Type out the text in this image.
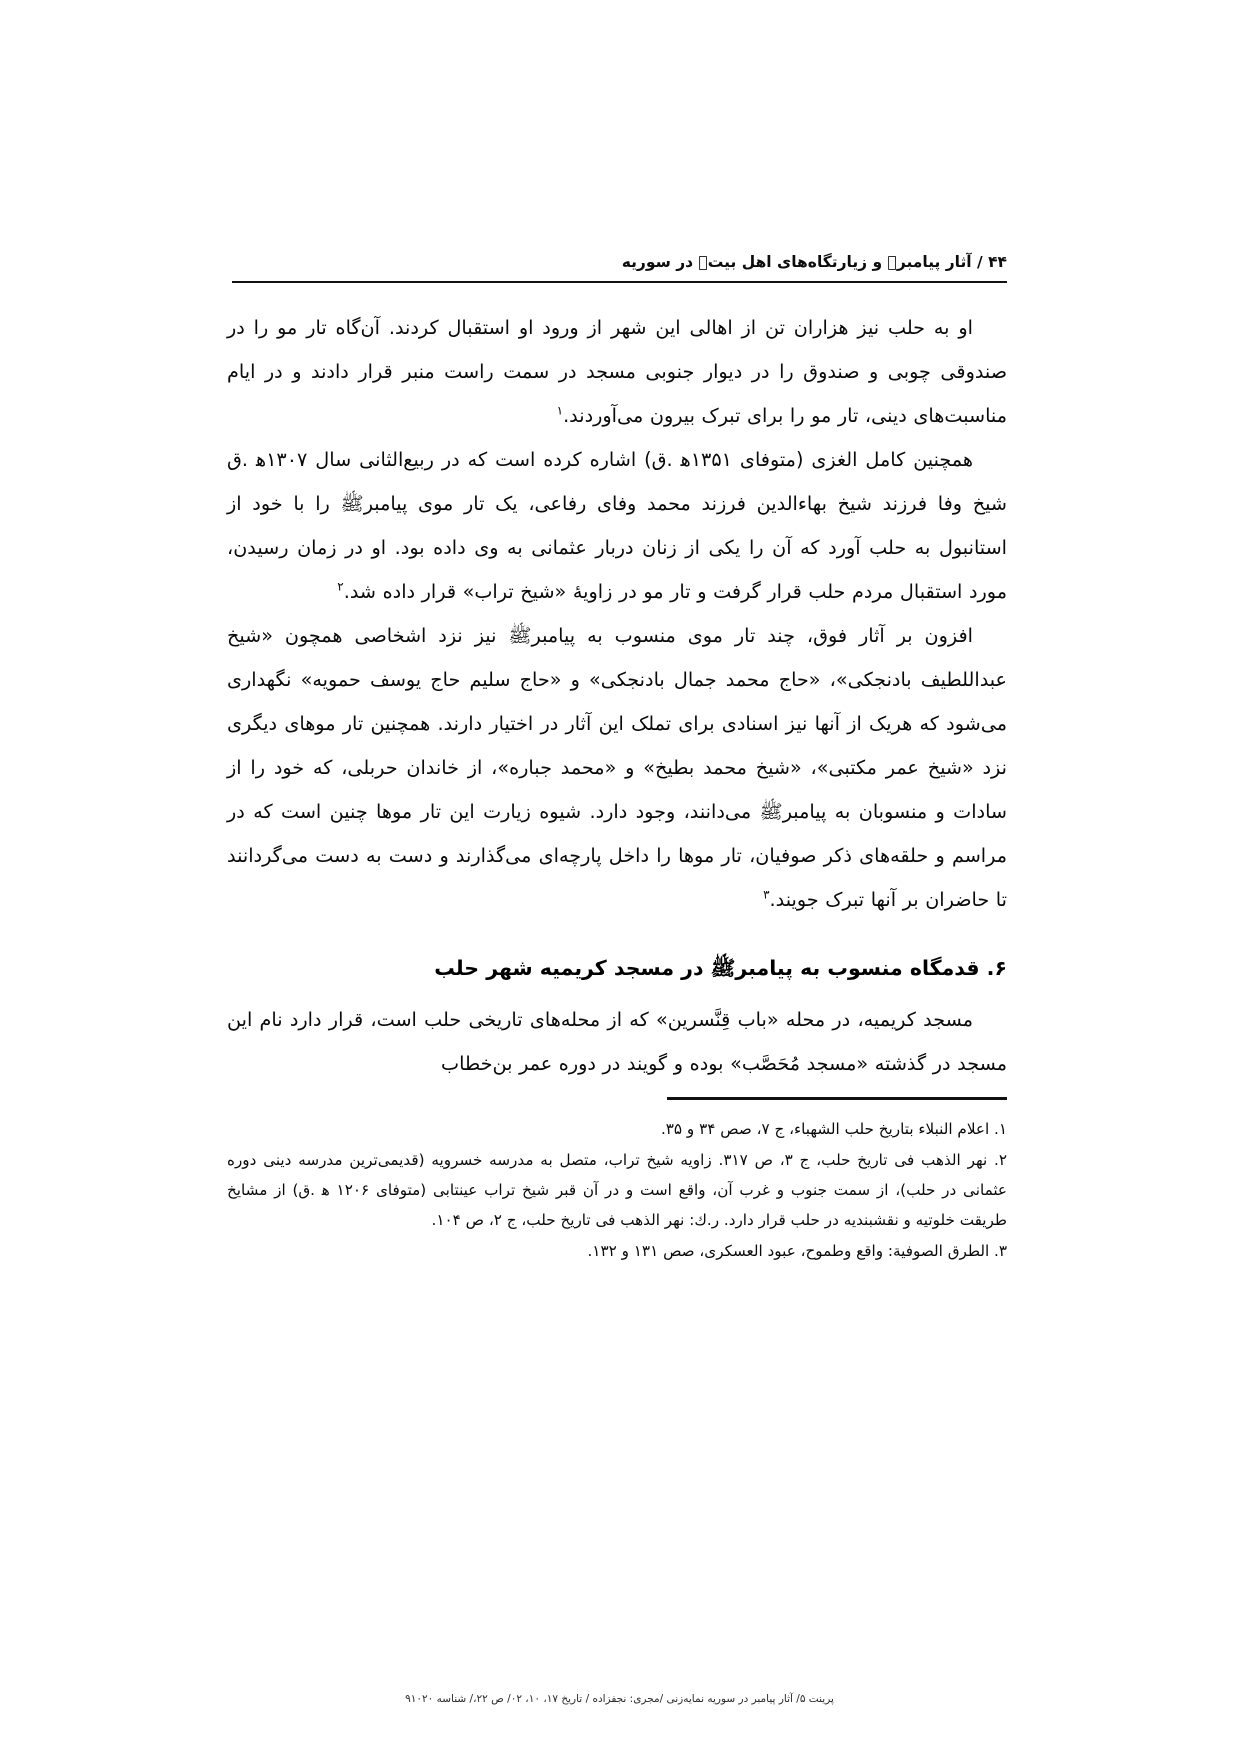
۴۴ / آثار پیامبرﷺ و زیارتگاه‌های اهل بیتؑ در سوریه

او به حلب نیز هزاران تن از اهالی این شهر از ورود او استقبال کردند. آن‌گاه تار مو را در صندوقی چوبی و صندوق را در دیوار جنوبی مسجد در سمت راست منبر قرار دادند و در ایام مناسبت‌های دینی، تار مو را برای تبرک بیرون می‌آوردند.$^۱$

همچنین کامل الغزی (متوفای ۱۳۵۱ه‍ .ق) اشاره کرده است که در ربیع‌الثانی سال ۱۳۰۷ه‍ .ق شیخ وفا فرزند شیخ بهاءالدین فرزند محمد وفای رفاعی، یک تار موی پیامبرﷺ را با خود از استانبول به حلب آورد که آن را یکی از زنان دربار عثمانی به وی داده بود. او در زمان رسیدن، مورد استقبال مردم حلب قرار گرفت و تار مو در زاویهٔ «شیخ تراب» قرار داده شد.$^۲$

افزون بر آثار فوق، چند تار موی منسوب به پیامبرﷺ نیز نزد اشخاصی همچون «شیخ عبداللطیف بادنجکی»، «حاج محمد جمال بادنجکی» و «حاج سلیم حاج یوسف حمویه» نگهداری می‌شود که هریک از آنها نیز اسنادی برای تملک این آثار در اختیار دارند. همچنین تار موهای دیگری نزد «شیخ عمر مکتبی»، «شیخ محمد بطیخ» و «محمد جباره»، از خاندان حربلی، که خود را از سادات و منسوبان به پیامبرﷺ می‌دانند، وجود دارد. شیوه زیارت این تار موها چنین است که در مراسم و حلقه‌های ذکر صوفیان، تار موها را داخل پارچه‌ای می‌گذارند و دست به دست می‌گردانند تا حاضران بر آنها تبرک جویند.$^۳$

۶. قدمگاه منسوب به پیامبرﷺ در مسجد کریمیه شهر حلب

مسجد کریمیه، در محله «باب قِنَّسرین» که از محله‌های تاریخی حلب است، قرار دارد نام این مسجد در گذشته «مسجد مُحَصَّب» بوده و گویند در دوره عمر بن‌خطاب

۱. اعلام النبلاء بتاریخ حلب الشهباء، ج ۷، صص ۳۴ و ۳۵.

۲. نهر الذهب فی تاریخ حلب، ج ۳، ص ۳۱۷. زاویه شیخ تراب، متصل به مدرسه خسرویه (قدیمی‌ترین مدرسه دینی دوره عثمانی در حلب)، از سمت جنوب و غرب آن، واقع است و در آن قبر شیخ تراب عینتابی (متوفای ۱۲۰۶ ه‍ .ق) از مشایخ طریقت خلوتیه و نقشبندیه در حلب قرار دارد. ر.ك: نهر الذهب فی تاریخ حلب، ج ۲، ص ۱۰۴.

۳. الطرق الصوفیة: واقع وطموح، عبود العسکری، صص ۱۳۱ و ۱۳۲.

پرینت ۵/ آثار پیامبر در سوریه نمایه‌زنی /مجری: نجفزاده / تاریخ ۱۷، ۱۰، ۰۲/ ص ۲۲،/ شناسه ۹۱۰۲۰
